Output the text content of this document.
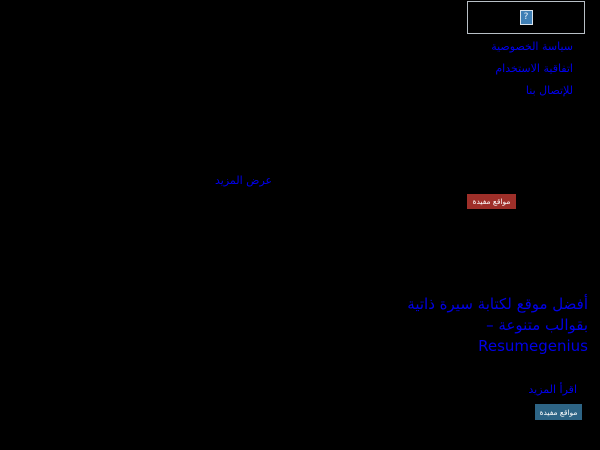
?
سياسة الخصوصية
اتفاقية الاستخدام
للإتصال بنا
عرض المزيد
مواقع مفيدة
أفضل موقع لكتابة سيرة ذاتية بقوالب متنوعة – Resumegenius
اقرأ المزيد
مواقع مفيدة
